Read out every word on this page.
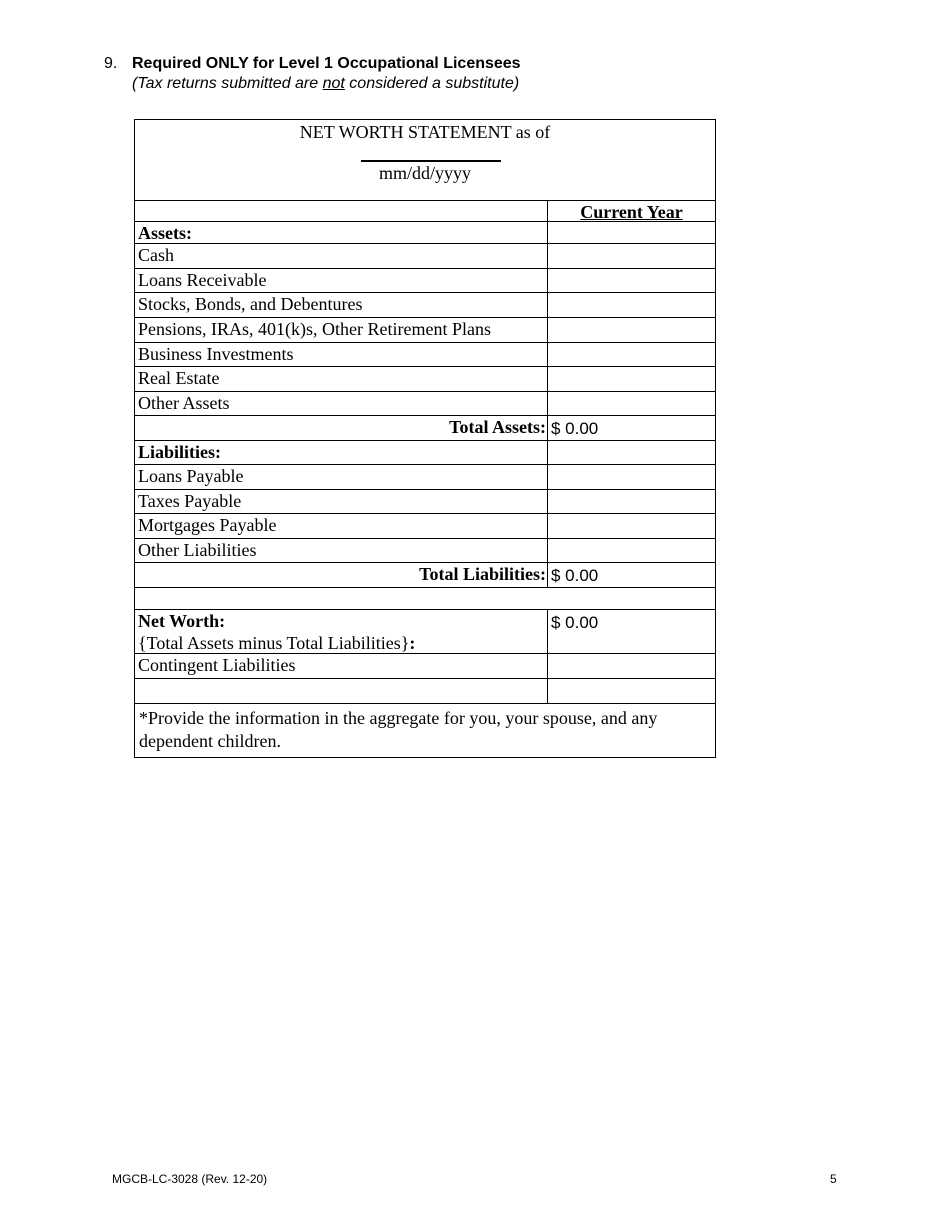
9. Required ONLY for Level 1 Occupational Licensees
(Tax returns submitted are not considered a substitute)
NET WORTH STATEMENT as of
mm/dd/yyyy
Current Year
Assets:
Cash
Loans Receivable
Stocks, Bonds, and Debentures
Pensions, IRAs, 401(k)s, Other Retirement Plans
Business Investments
Real Estate
Other Assets
Total Assets: $ 0.00
Liabilities:
Loans Payable
Taxes Payable
Mortgages Payable
Other Liabilities
Total Liabilities: $ 0.00
Net Worth:
{Total Assets minus Total Liabilities}:
$ 0.00
Contingent Liabilities
*Provide the information in the aggregate for you, your spouse, and any dependent children.
MGCB-LC-3028 (Rev. 12-20)	5
